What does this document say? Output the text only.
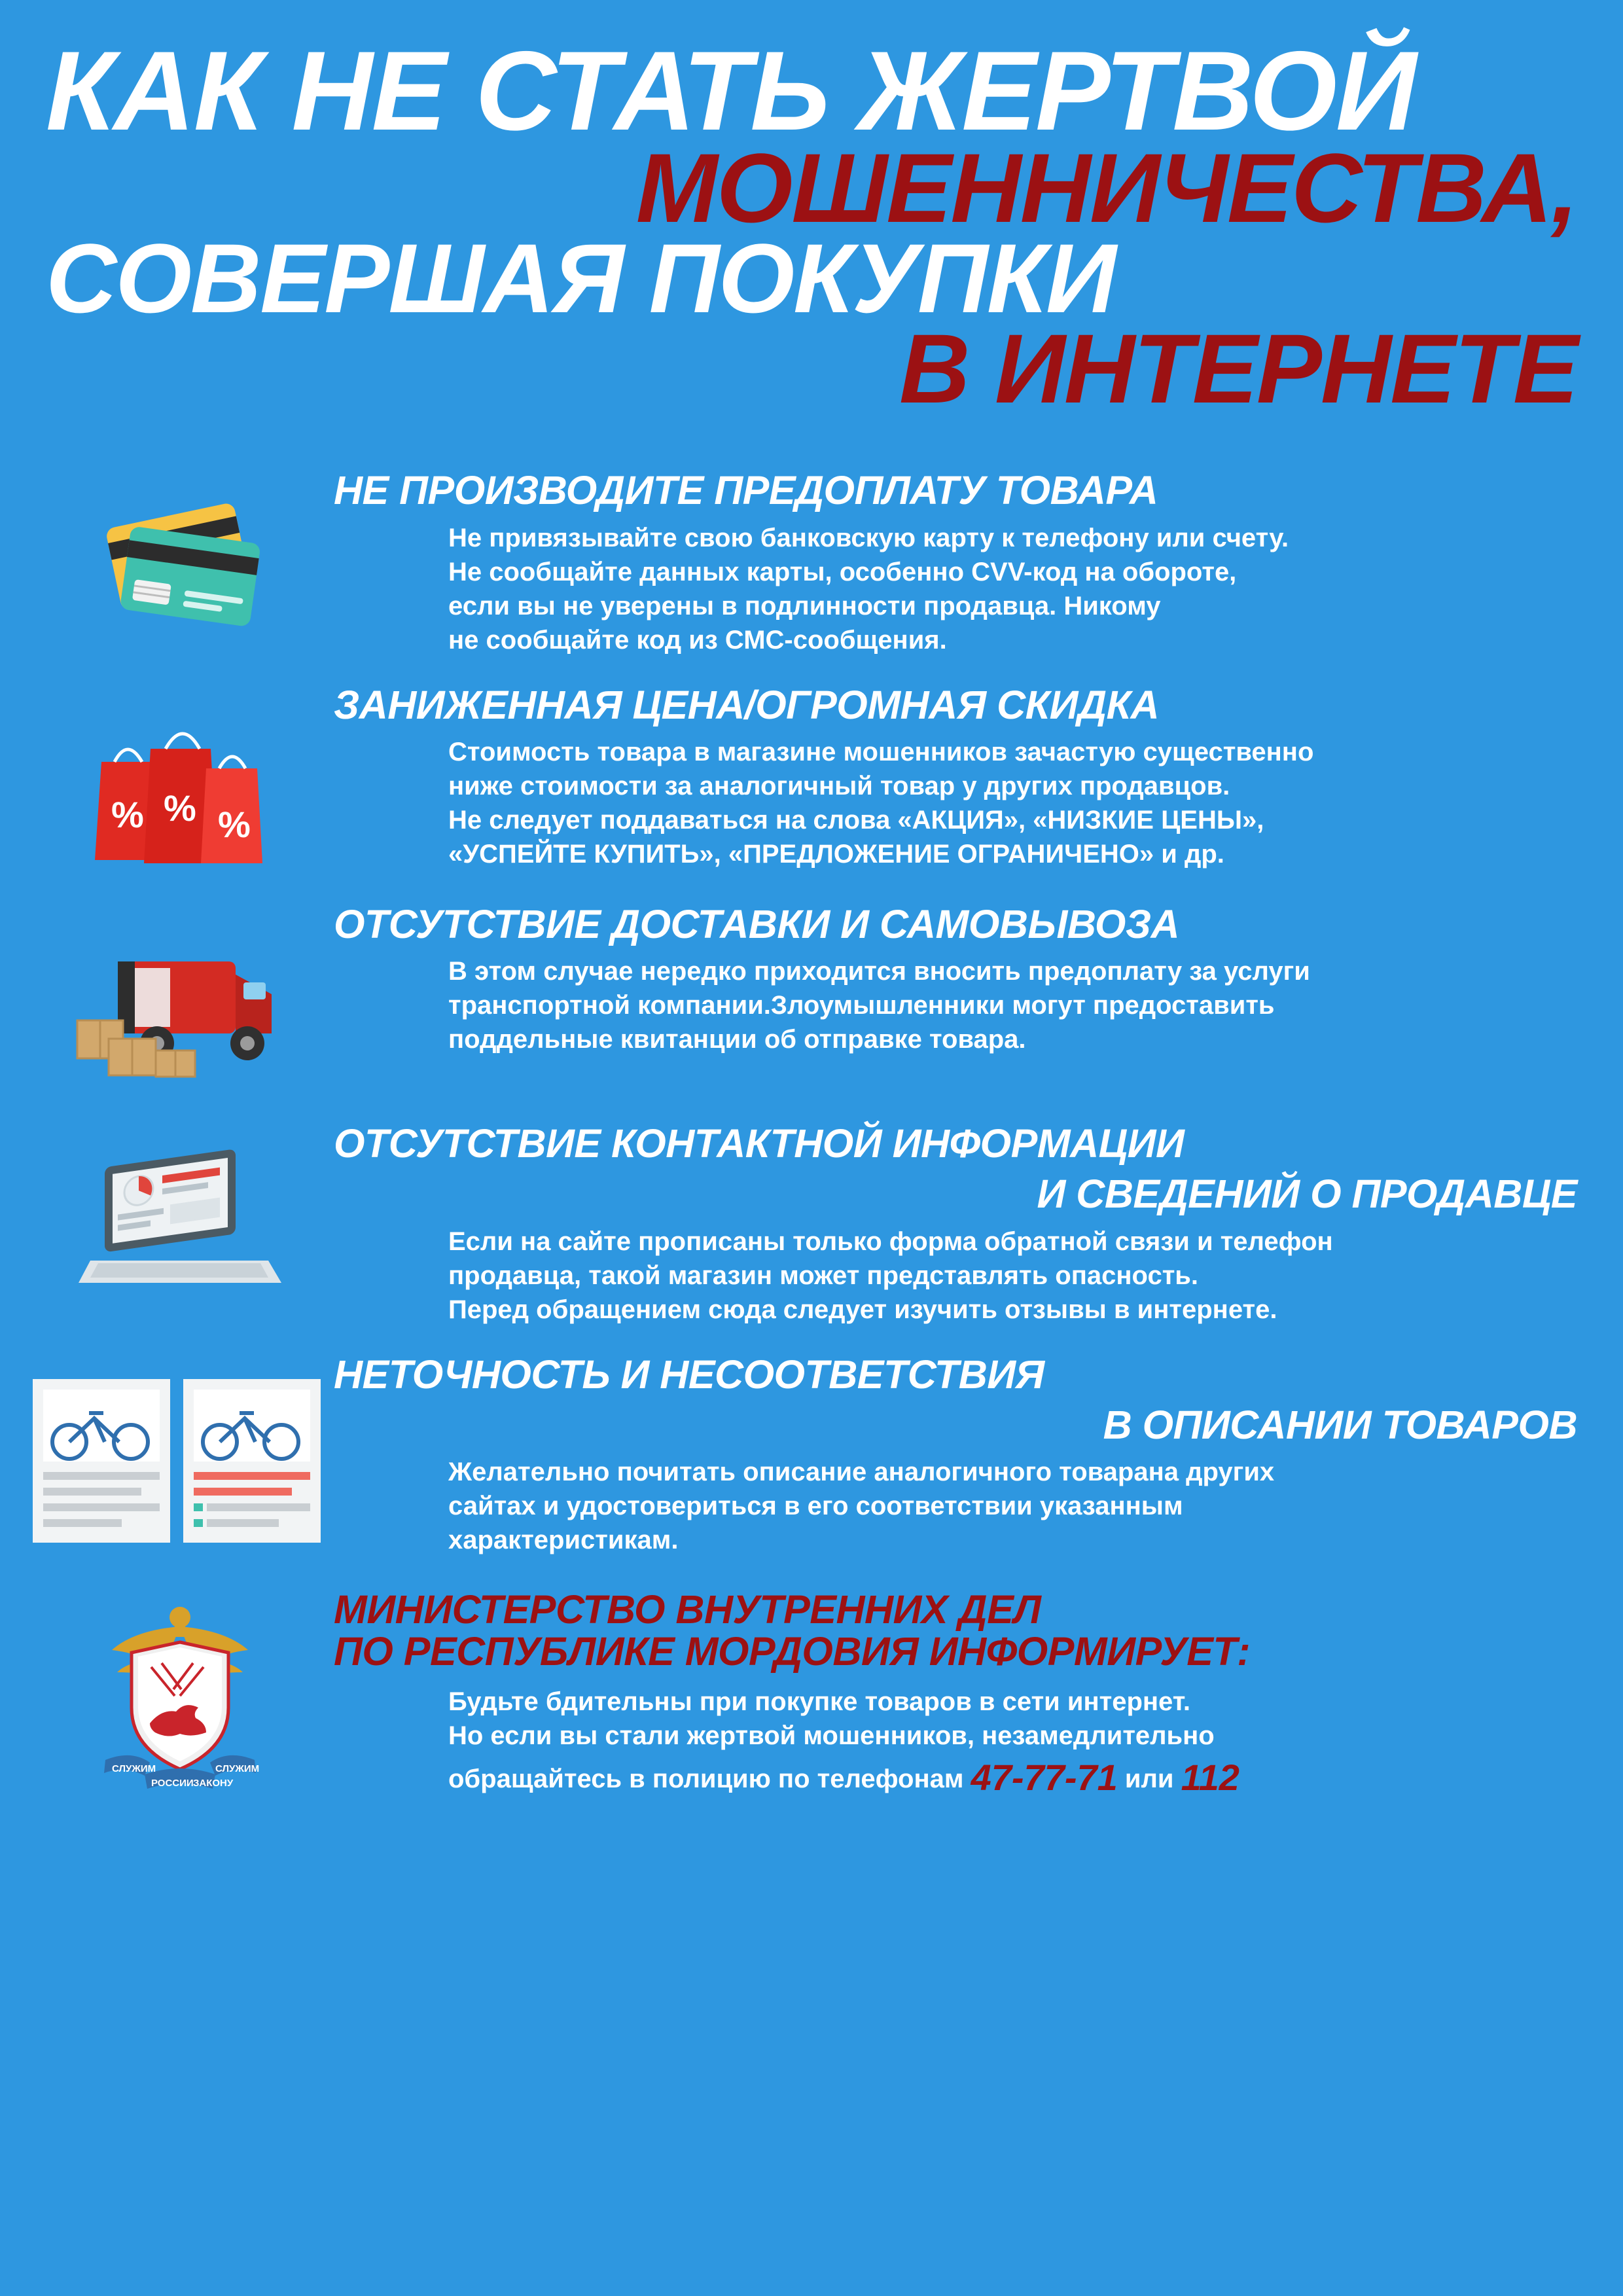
КАК НЕ СТАТЬ ЖЕРТВОЙ
МОШЕННИЧЕСТВА,
СОВЕРШАЯ ПОКУПКИ
В ИНТЕРНЕТЕ
НЕ ПРОИЗВОДИТЕ ПРЕДОПЛАТУ ТОВАРА
Не привязывайте свою банковскую карту к телефону или счету.
Не сообщайте данных карты, особенно CVV-код на обороте,
если вы не уверены в подлинности продавца. Никому
не сообщайте код из СМС-сообщения.
% % %
ЗАНИЖЕННАЯ ЦЕНА/ОГРОМНАЯ СКИДКА
Стоимость товара в магазине мошенников зачастую существенно
ниже стоимости за аналогичный товар у других продавцов.
Не следует поддаваться на слова «АКЦИЯ», «НИЗКИЕ ЦЕНЫ»,
«УСПЕЙТЕ КУПИТЬ», «ПРЕДЛОЖЕНИЕ ОГРАНИЧЕНО» и др.
ОТСУТСТВИЕ ДОСТАВКИ И САМОВЫВОЗА
В этом случае нередко приходится вносить предоплату за услуги
транспортной компании.Злоумышленники могут предоставить
поддельные квитанции об отправке товара.
ОТСУТСТВИЕ КОНТАКТНОЙ ИНФОРМАЦИИ
И СВЕДЕНИЙ О ПРОДАВЦЕ
Если на сайте прописаны только форма обратной связи и телефон
продавца, такой магазин может представлять опасность.
Перед обращением сюда следует изучить отзывы в интернете.
НЕТОЧНОСТЬ И НЕСООТВЕТСТВИЯ
В ОПИСАНИИ ТОВАРОВ
Желательно почитать описание аналогичного товарана других
сайтах и удостовериться в его соответствии указанным
характеристикам.
СЛУЖИМ	СЛУЖИМ
РОССИИ ЗАКОНУ
МИНИСТЕРСТВО ВНУТРЕННИХ ДЕЛ
ПО РЕСПУБЛИКЕ МОРДОВИЯ ИНФОРМИРУЕТ:
Будьте бдительны при покупке товаров в сети интернет.
Но если вы стали жертвой мошенников, незамедлительно
обращайтесь в полицию по телефонам 47-77-71 или 112
